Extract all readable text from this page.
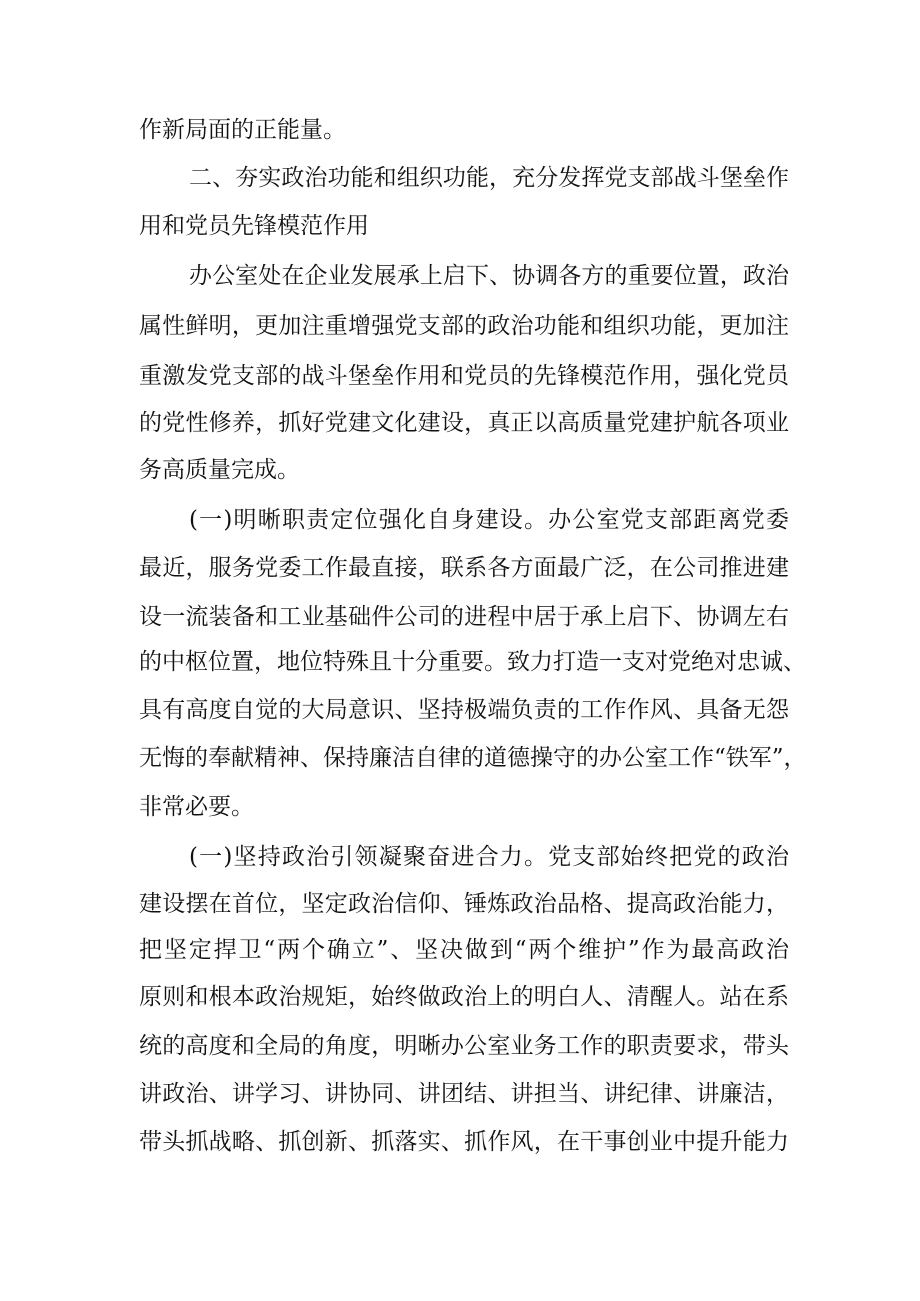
作新局面的正能量。
二、夯实政治功能和组织功能，充分发挥党支部战斗堡垒作
用和党员先锋模范作用
办公室处在企业发展承上启下、协调各方的重要位置，政治
属性鲜明，更加注重增强党支部的政治功能和组织功能，更加注
重激发党支部的战斗堡垒作用和党员的先锋模范作用，强化党员
的党性修养，抓好党建文化建设，真正以高质量党建护航各项业
务高质量完成。
(一)明晰职责定位强化自身建设。办公室党支部距离党委
最近，服务党委工作最直接，联系各方面最广泛，在公司推进建
设一流装备和工业基础件公司的进程中居于承上启下、协调左右
的中枢位置，地位特殊且十分重要。致力打造一支对党绝对忠诚、
具有高度自觉的大局意识、坚持极端负责的工作作风、具备无怨
无悔的奉献精神、保持廉洁自律的道德操守的办公室工作“铁军”，
非常必要。
(一)坚持政治引领凝聚奋进合力。党支部始终把党的政治
建设摆在首位，坚定政治信仰、锤炼政治品格、提高政治能力，
把坚定捍卫“两个确立”、坚决做到“两个维护”作为最高政治
原则和根本政治规矩，始终做政治上的明白人、清醒人。站在系
统的高度和全局的角度，明晰办公室业务工作的职责要求，带头
讲政治、讲学习、讲协同、讲团结、讲担当、讲纪律、讲廉洁，
带头抓战略、抓创新、抓落实、抓作风，在干事创业中提升能力
